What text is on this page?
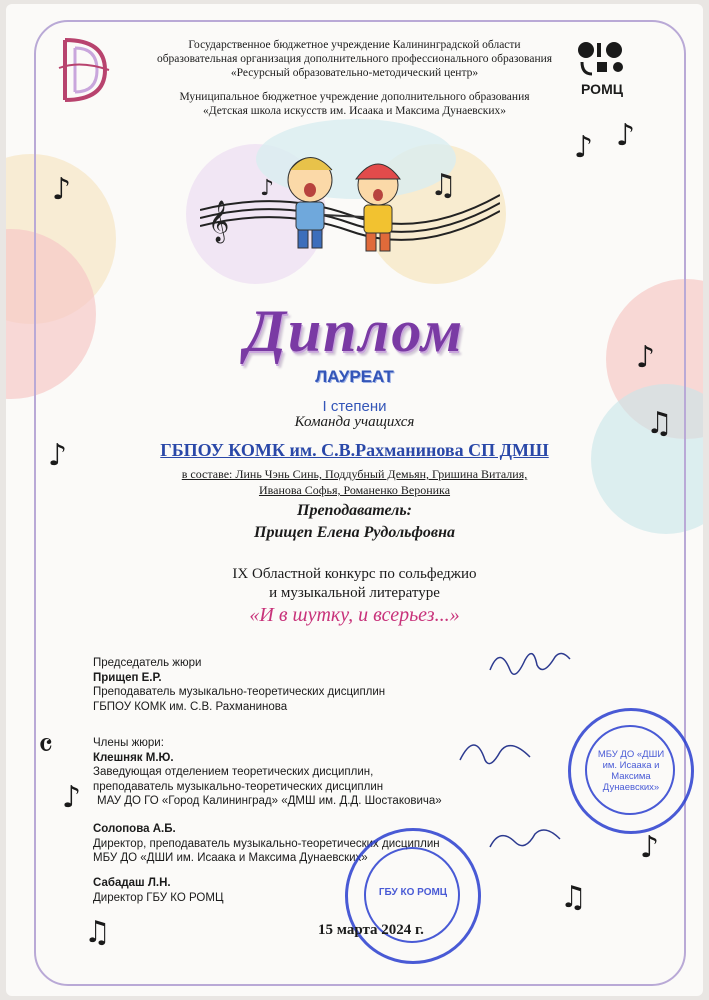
РОМЦ
Государственное бюджетное учреждение Калининградской области
образовательная организация дополнительного профессионального образования
«Ресурсный образовательно-методический центр»
Муниципальное бюджетное учреждение дополнительного образования
«Детская школа искусств им. Исаака и Максима Дунаевских»
𝄞
♫
♪
Диплом
ЛАУРЕАТ
I степени
Команда учащихся
ГБПОУ КОМК им. С.В.Рахманинова СП ДМШ
в составе: Линь Чэнь Синь, Поддубный Демьян, Гришина Виталия,
Иванова Софья, Романенко Вероника
Преподаватель:
Прищеп Елена Рудольфовна
IX Областной конкурс по сольфеджио
и музыкальной литературе
«И в шутку, и всерьез...»
Председатель жюри
Прищеп Е.Р.
Преподаватель музыкально-теоретических дисциплин
ГБПОУ КОМК им. С.В. Рахманинова
Члены жюри:
Клешняк М.Ю.
Заведующая отделением теоретических дисциплин,
преподаватель музыкально-теоретических дисциплин
МАУ ДО ГО «Город Калининград» «ДМШ им. Д.Д. Шостаковича»
Солопова А.Б.
Директор, преподаватель музыкально-теоретических дисциплин
МБУ ДО «ДШИ им. Исаака и Максима Дунаевских»
Сабадаш Л.Н.
Директор ГБУ КО РОМЦ
МБУ ДО «ДШИ им. Исаака и Максима Дунаевских»
ГБУ КО РОМЦ
15 марта 2024 г.
♪
♪ ♪
♪
♫
♪
𝄴
♪
♪
♫
♫
